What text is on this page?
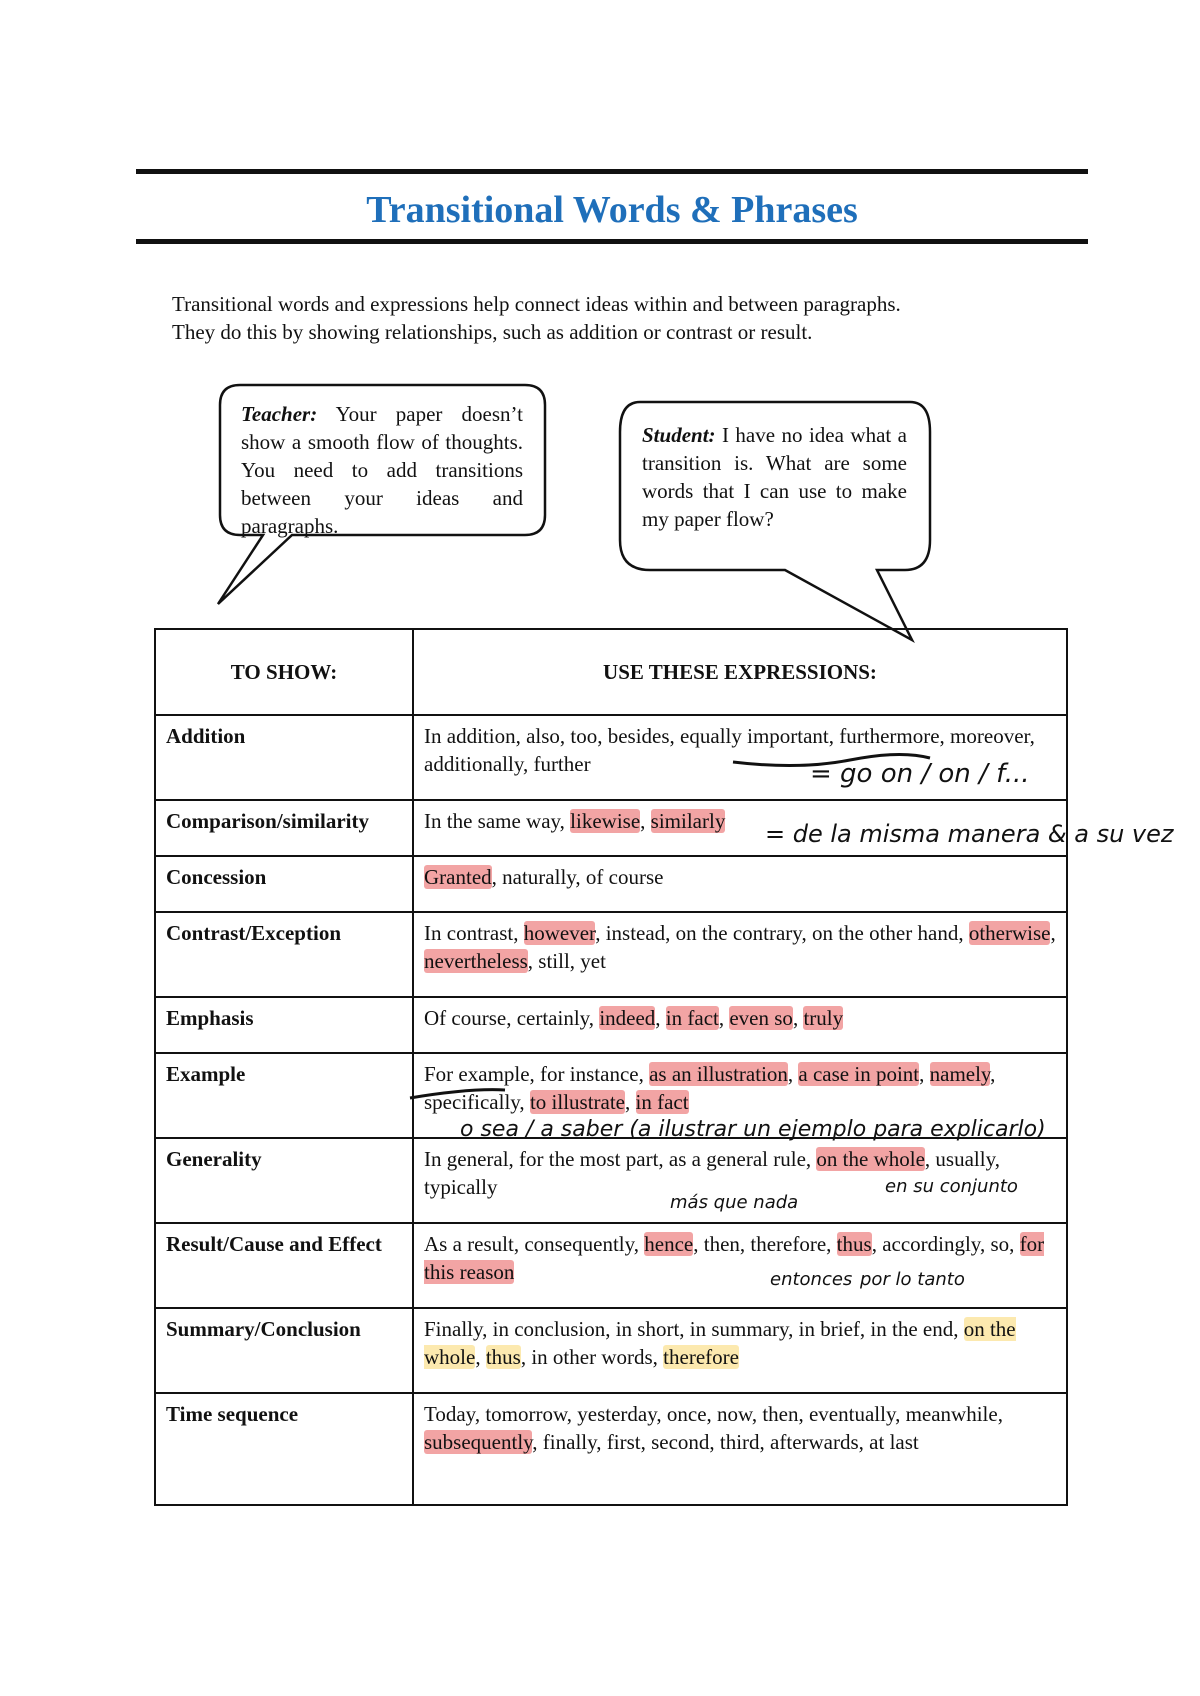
Transitional Words & Phrases

Transitional words and expressions help connect ideas within and between paragraphs.

They do this by showing relationships, such as addition or contrast or result.

Teacher: Your paper doesn’t show a smooth flow of thoughts. You need to add transitions between your ideas and paragraphs.
Student: I have no idea what a transition is. What are some words that I can use to make my paper flow?
TO SHOW:	USE THESE EXPRESSIONS:
Addition	In addition, also, too, besides, equally important, furthermore, moreover, additionally, further
Comparison/similarity	In the same way, likewise, similarly
Concession	Granted, naturally, of course
Contrast/Exception	In contrast, however, instead, on the contrary, on the other hand, otherwise, nevertheless, still, yet
Emphasis	Of course, certainly, indeed, in fact, even so, truly
Example	For example, for instance, as an illustration, a case in point, namely, specifically, to illustrate, in fact
Generality	In general, for the most part, as a general rule, on the whole, usually, typically
Result/Cause and Effect	As a result, consequently, hence, then, therefore, thus, accordingly, so, for this reason
Summary/Conclusion	Finally, in conclusion, in short, in summary, in brief, in the end, on the whole, thus, in other words, therefore
Time sequence	Today, tomorrow, yesterday, once, now, then, eventually, meanwhile, subsequently, finally, first, second, third, afterwards, at last
= go on / on / f...
= de la misma manera & a su vez
o sea / a saber (a ilustrar un ejemplo para explicarlo)
más que nada
en su conjunto
entonces por lo tanto
